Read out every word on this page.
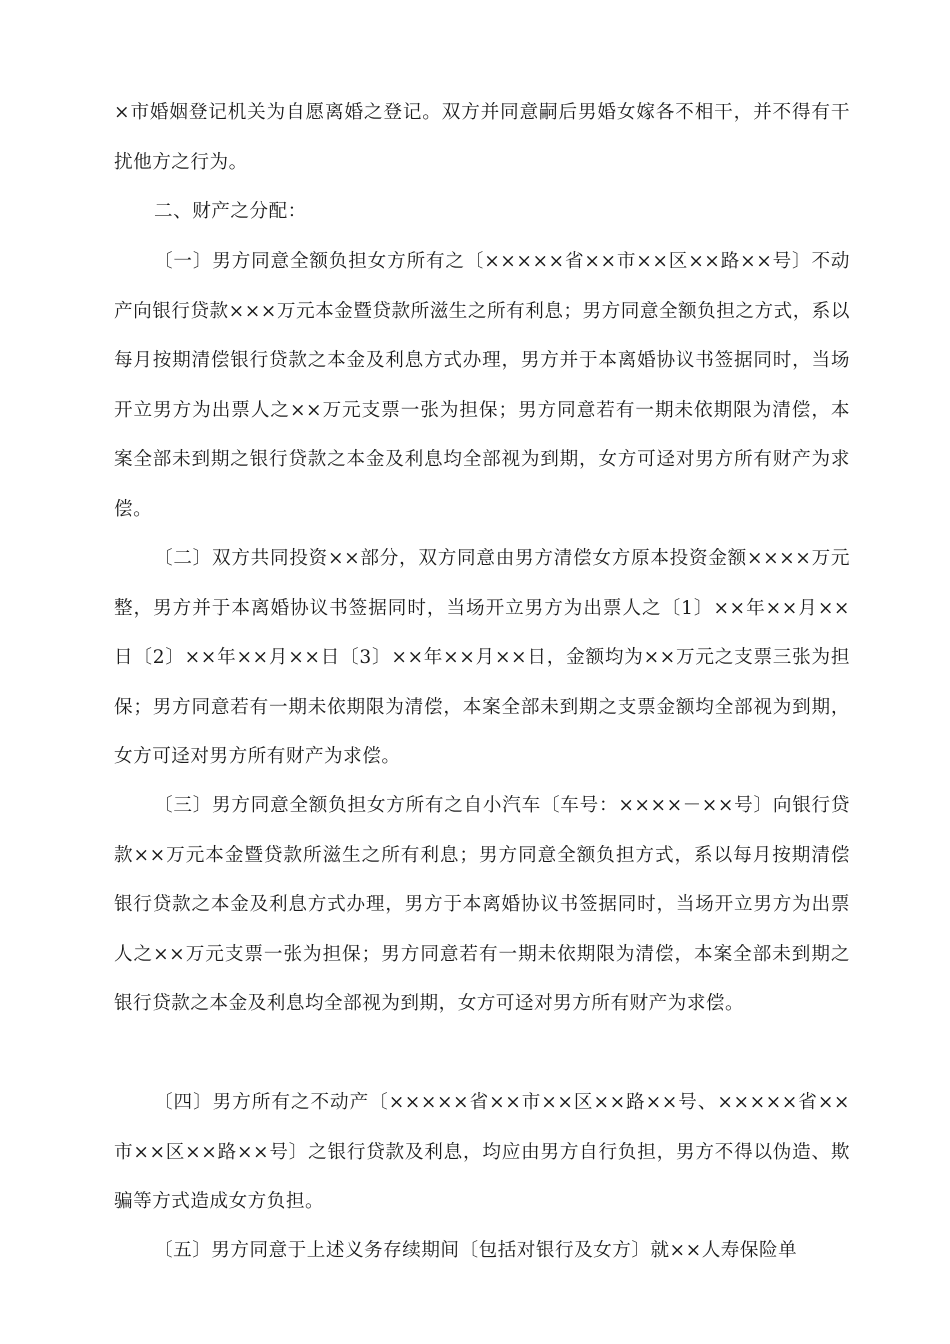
×市婚姻登记机关为自愿离婚之登记。双方并同意嗣后男婚女嫁各不相干，并不得有干扰他方之行为。

二、财产之分配：

〔一〕男方同意全额负担女方所有之〔×××××省××市××区××路××号〕不动产向银行贷款×××万元本金暨贷款所滋生之所有利息；男方同意全额负担之方式，系以每月按期清偿银行贷款之本金及利息方式办理，男方并于本离婚协议书签据同时，当场开立男方为出票人之××万元支票一张为担保；男方同意若有一期未依期限为清偿，本案全部未到期之银行贷款之本金及利息均全部视为到期，女方可迳对男方所有财产为求偿。

〔二〕双方共同投资××部分，双方同意由男方清偿女方原本投资金额××××万元整，男方并于本离婚协议书签据同时，当场开立男方为出票人之〔1〕××年××月××日〔2〕××年××月××日〔3〕××年××月××日，金额均为××万元之支票三张为担保；男方同意若有一期未依期限为清偿，本案全部未到期之支票金额均全部视为到期，女方可迳对男方所有财产为求偿。

〔三〕男方同意全额负担女方所有之自小汽车〔车号：××××－××号〕向银行贷款××万元本金暨贷款所滋生之所有利息；男方同意全额负担方式，系以每月按期清偿银行贷款之本金及利息方式办理，男方于本离婚协议书签据同时，当场开立男方为出票人之××万元支票一张为担保；男方同意若有一期未依期限为清偿，本案全部未到期之银行贷款之本金及利息均全部视为到期，女方可迳对男方所有财产为求偿。

〔四〕男方所有之不动产〔×××××省××市××区××路××号、×××××省××市××区××路××号〕之银行贷款及利息，均应由男方自行负担，男方不得以伪造、欺骗等方式造成女方负担。

〔五〕男方同意于上述义务存续期间〔包括对银行及女方〕就××人寿保险单
